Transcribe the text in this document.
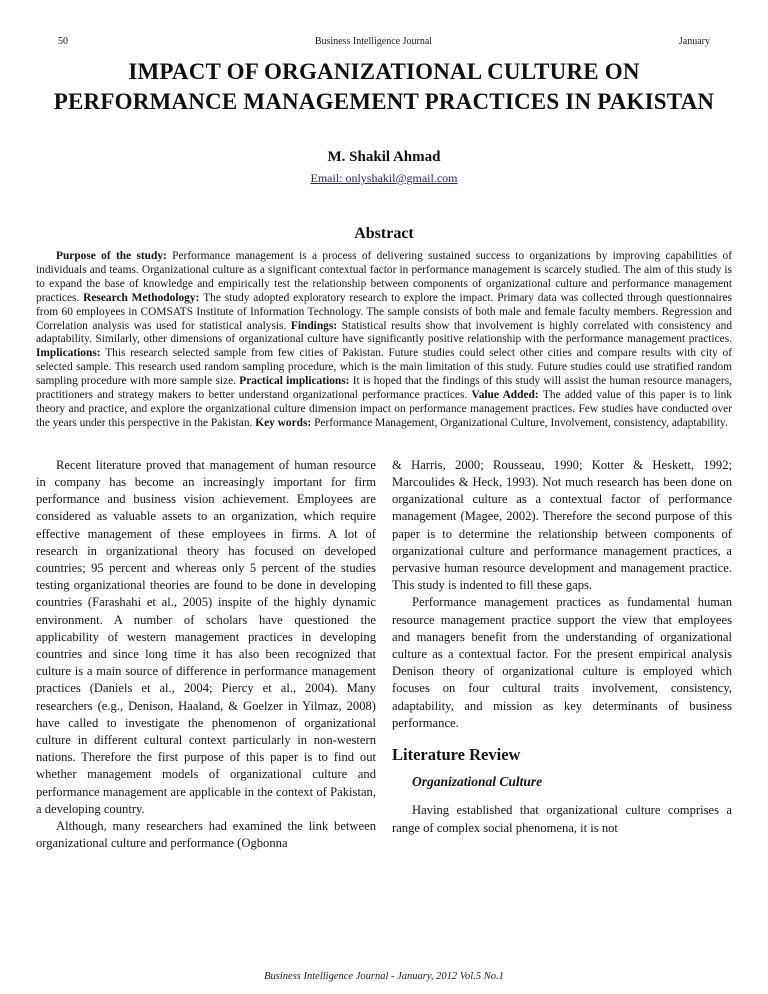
50	Business Intelligence Journal	January
IMPACT OF ORGANIZATIONAL CULTURE ON PERFORMANCE MANAGEMENT PRACTICES IN PAKISTAN
M. Shakil Ahmad
Email: onlyshakil@gmail.com
Abstract

Purpose of the study: Performance management is a process of delivering sustained success to organizations by improving capabilities of individuals and teams. Organizational culture as a significant contextual factor in performance management is scarcely studied. The aim of this study is to expand the base of knowledge and empirically test the relationship between components of organizational culture and performance management practices. Research Methodology: The study adopted exploratory research to explore the impact. Primary data was collected through questionnaires from 60 employees in COMSATS Institute of Information Technology. The sample consists of both male and female faculty members. Regression and Correlation analysis was used for statistical analysis. Findings: Statistical results show that involvement is highly correlated with consistency and adaptability. Similarly, other dimensions of organizational culture have significantly positive relationship with the performance management practices. Implications: This research selected sample from few cities of Pakistan. Future studies could select other cities and compare results with city of selected sample. This research used random sampling procedure, which is the main limitation of this study. Future studies could use stratified random sampling procedure with more sample size. Practical implications: It is hoped that the findings of this study will assist the human resource managers, practitioners and strategy makers to better understand organizational performance practices. Value Added: The added value of this paper is to link theory and practice, and explore the organizational culture dimension impact on performance management practices. Few studies have conducted over the years under this perspective in the Pakistan. Key words: Performance Management, Organizational Culture, Involvement, consistency, adaptability.

Recent literature proved that management of human resource in company has become an increasingly important for firm performance and business vision achievement. Employees are considered as valuable assets to an organization, which require effective management of these employees in firms. A lot of research in organizational theory has focused on developed countries; 95 percent and whereas only 5 percent of the studies testing organizational theories are found to be done in developing countries (Farashahi et al., 2005) inspite of the highly dynamic environment. A number of scholars have questioned the applicability of western management practices in developing countries and since long time it has also been recognized that culture is a main source of difference in performance management practices (Daniels et al., 2004; Piercy et al., 2004). Many researchers (e.g., Denison, Haaland, & Goelzer in Yilmaz, 2008) have called to investigate the phenomenon of organizational culture in different cultural context particularly in non-western nations. Therefore the first purpose of this paper is to find out whether management models of organizational culture and performance management are applicable in the context of Pakistan, a developing country.

Although, many researchers had examined the link between organizational culture and performance (Ogbonna

& Harris, 2000; Rousseau, 1990; Kotter & Heskett, 1992; Marcoulides & Heck, 1993). Not much research has been done on organizational culture as a contextual factor of performance management (Magee, 2002). Therefore the second purpose of this paper is to determine the relationship between components of organizational culture and performance management practices, a pervasive human resource development and management practice. This study is indented to fill these gaps.

Performance management practices as fundamental human resource management practice support the view that employees and managers benefit from the understanding of organizational culture as a contextual factor. For the present empirical analysis Denison theory of organizational culture is employed which focuses on four cultural traits involvement, consistency, adaptability, and mission as key determinants of business performance.

Literature Review
Organizational Culture

Having established that organizational culture comprises a range of complex social phenomena, it is not

Business Intelligence Journal - January, 2012 Vol.5 No.1
